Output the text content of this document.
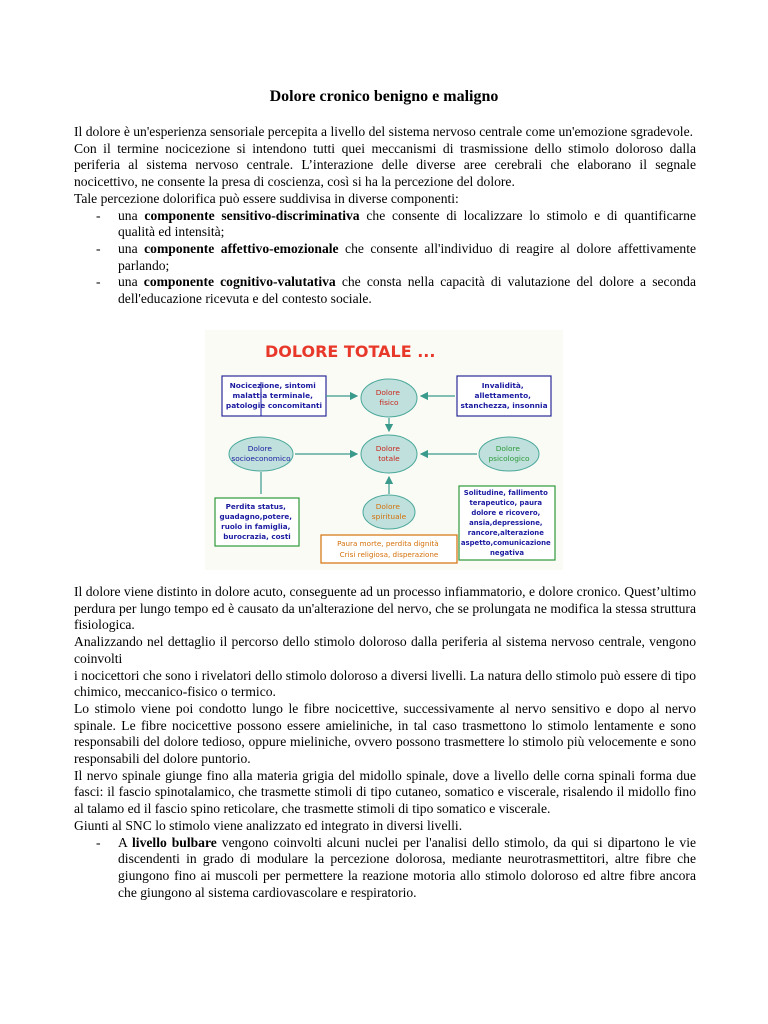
Dolore cronico benigno e maligno

Il dolore è un'esperienza sensoriale percepita a livello del sistema nervoso centrale come un'emozione sgradevole.

Con il termine nocicezione si intendono tutti quei meccanismi di trasmissione dello stimolo doloroso dalla periferia al sistema nervoso centrale. L’interazione delle diverse aree cerebrali che elaborano il segnale nocicettivo, ne consente la presa di coscienza, così si ha la percezione del dolore.

Tale percezione dolorifica può essere suddivisa in diverse componenti:

- una componente sensitivo-discriminativa che consente di localizzare lo stimolo e di quantificarne qualità ed intensità;
- una componente affettivo-emozionale che consente all'individuo di reagire al dolore affettivamente parlando;
- una componente cognitivo-valutativa che consta nella capacità di valutazione del dolore a seconda dell'educazione ricevuta e del contesto sociale.
DOLORE TOTALE ...
Nocicezione, sintomi malattia terminale, patologie concomitanti
Invalidità, allettamento, stanchezza, insonnia
Dolore fisico
Dolore totale
Dolore socioeconomico
Dolore psicologico
Dolore spirituale
Perdita status, guadagno,potere, ruolo in famiglia, burocrazia, costi
Paura morte, perdita dignità Crisi religiosa, disperazione
Solitudine, fallimento terapeutico, paura dolore e ricovero, ansia,depressione, rancore,alterazione aspetto,comunicazione negativa

Il dolore viene distinto in dolore acuto, conseguente ad un processo infiammatorio, e dolore cronico. Quest’ultimo perdura per lungo tempo ed è causato da un'alterazione del nervo, che se prolungata ne modifica la stessa struttura fisiologica.

Analizzando nel dettaglio il percorso dello stimolo doloroso dalla periferia al sistema nervoso centrale, vengono coinvolti

i nocicettori che sono i rivelatori dello stimolo doloroso a diversi livelli. La natura dello stimolo può essere di tipo chimico, meccanico-fisico o termico.

Lo stimolo viene poi condotto lungo le fibre nocicettive, successivamente al nervo sensitivo e dopo al nervo spinale. Le fibre nocicettive possono essere amieliniche, in tal caso trasmettono lo stimolo lentamente e sono responsabili del dolore tedioso, oppure mieliniche, ovvero possono trasmettere lo stimolo più velocemente e sono responsabili del dolore puntorio.

Il nervo spinale giunge fino alla materia grigia del midollo spinale, dove a livello delle corna spinali forma due fasci: il fascio spinotalamico, che trasmette stimoli di tipo cutaneo, somatico e viscerale, risalendo il midollo fino al talamo ed il fascio spino reticolare, che trasmette stimoli di tipo somatico e viscerale.

Giunti al SNC lo stimolo viene analizzato ed integrato in diversi livelli.

- A livello bulbare vengono coinvolti alcuni nuclei per l'analisi dello stimolo, da qui si dipartono le vie discendenti in grado di modulare la percezione dolorosa, mediante neurotrasmettitori, altre fibre che giungono fino ai muscoli per permettere la reazione motoria allo stimolo doloroso ed altre fibre ancora che giungono al sistema cardiovascolare e respiratorio.
